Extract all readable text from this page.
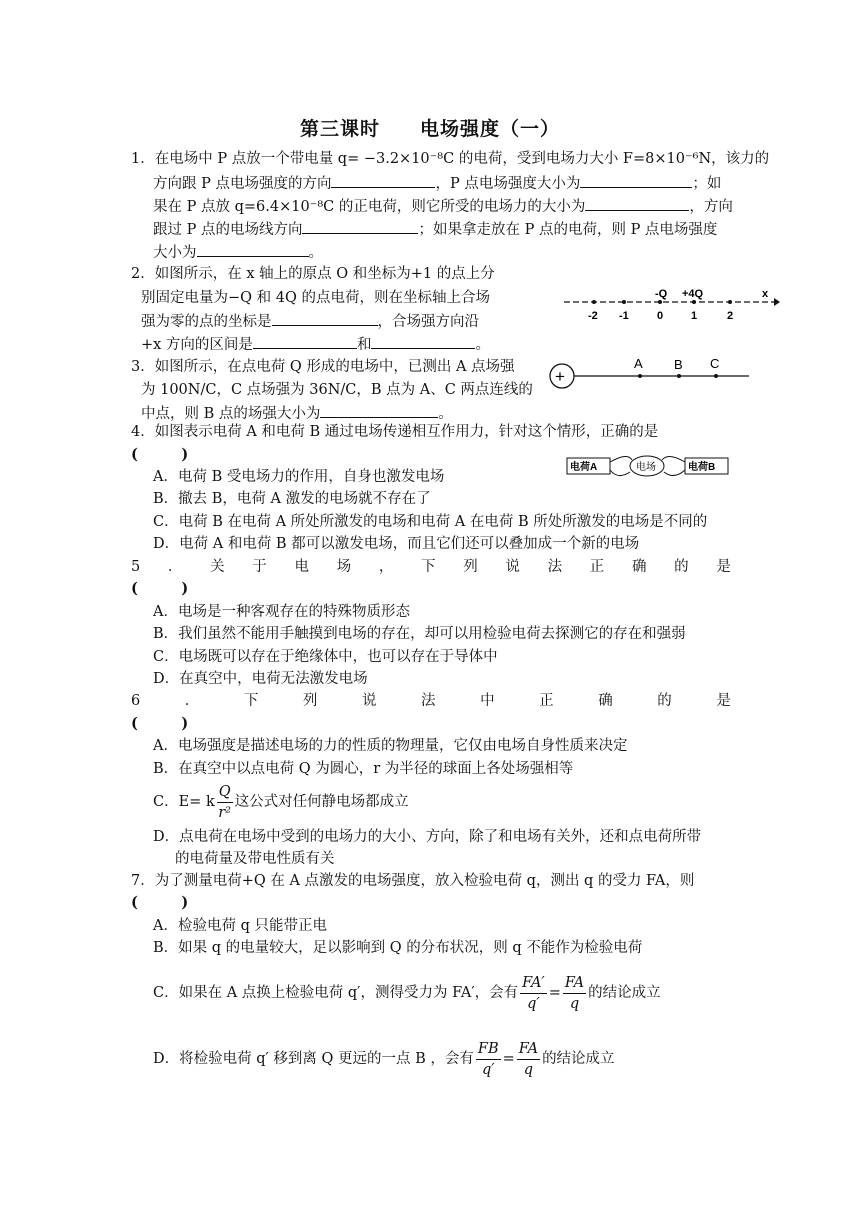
第三课时　　电场强度（一）
1．在电场中 P 点放一个带电量 q= −3.2×10⁻⁸C 的电荷，受到电场力大小 F=8×10⁻⁶N，该力的
方向跟 P 点电场强度的方向	，P 点电场强度大小为	；如
果在 P 点放 q=6.4×10⁻⁸C 的正电荷，则它所受的电场力的大小为	，方向
跟过 P 点的电场线方向	；如果拿走放在 P 点的电荷，则 P 点电场强度
大小为	。
2．如图所示，在 x 轴上的原点 O 和坐标为+1 的点上分
别固定电量为−Q 和 4Q 的点电荷，则在坐标轴上合场
强为零的点的坐标是	，合场强方向沿
+x 方向的区间是	和	。
x
-Q +4Q
-2 -1	0	1	2
3．如图所示，在点电荷 Q 形成的电场中，已测出 A 点场强
为 100N/C，C 点场强为 36N/C，B 点为 A、C 两点连线的
中点，则 B 点的场强大小为	。
+
A B C
4．如图表示电荷 A 和电荷 B 通过电场传递相互作用力，针对这个情形，正确的是
(　　　)
电荷A	电场	电荷B
A．电荷 B 受电场力的作用，自身也激发电场
B．撤去 B，电荷 A 激发的电场就不存在了
C．电荷 B 在电荷 A 所处所激发的电场和电荷 A 在电荷 B 所处所激发的电场是不同的
D．电荷 A 和电荷 B 都可以激发电场，而且它们还可以叠加成一个新的电场
5 ． 关 于 电 场 ， 下 列 说 法 正 确 的 是
(　　　)
A．电场是一种客观存在的特殊物质形态
B．我们虽然不能用手触摸到电场的存在，却可以用检验电荷去探测它的存在和强弱
C．电场既可以存在于绝缘体中，也可以存在于导体中
D．在真空中，电荷无法激发电场
6	．	下	列	说	法	中	正	确	的	是
(　　　)
A．电场强度是描述电场的力的性质的物理量，它仅由电场自身性质来决定
B．在真空中以点电荷 Q 为圆心，r 为半径的球面上各处场强相等
C．E= k $\frac{Q}{\text{r²}}$ 这公式对任何静电场都成立
D．点电荷在电场中受到的电场力的大小、方向，除了和电场有关外，还和点电荷所带
的电荷量及带电性质有关
7．为了测量电荷+Q 在 A 点激发的电场强度，放入检验电荷 q，测出 q 的受力 FA，则
(　　　)
A．检验电荷 q 只能带正电
B．如果 q 的电量较大，足以影响到 Q 的分布状况，则 q 不能作为检验电荷
C．如果在 A 点换上检验电荷 q′，测得受力为 FA′，会有 $\frac{FA'}{q'} = \frac{FA}{q}$ 的结论成立
D．将检验电荷 q′ 移到离 Q 更远的一点 B ，会有 $\frac{FB}{q'} = \frac{FA}{q}$ 的结论成立
